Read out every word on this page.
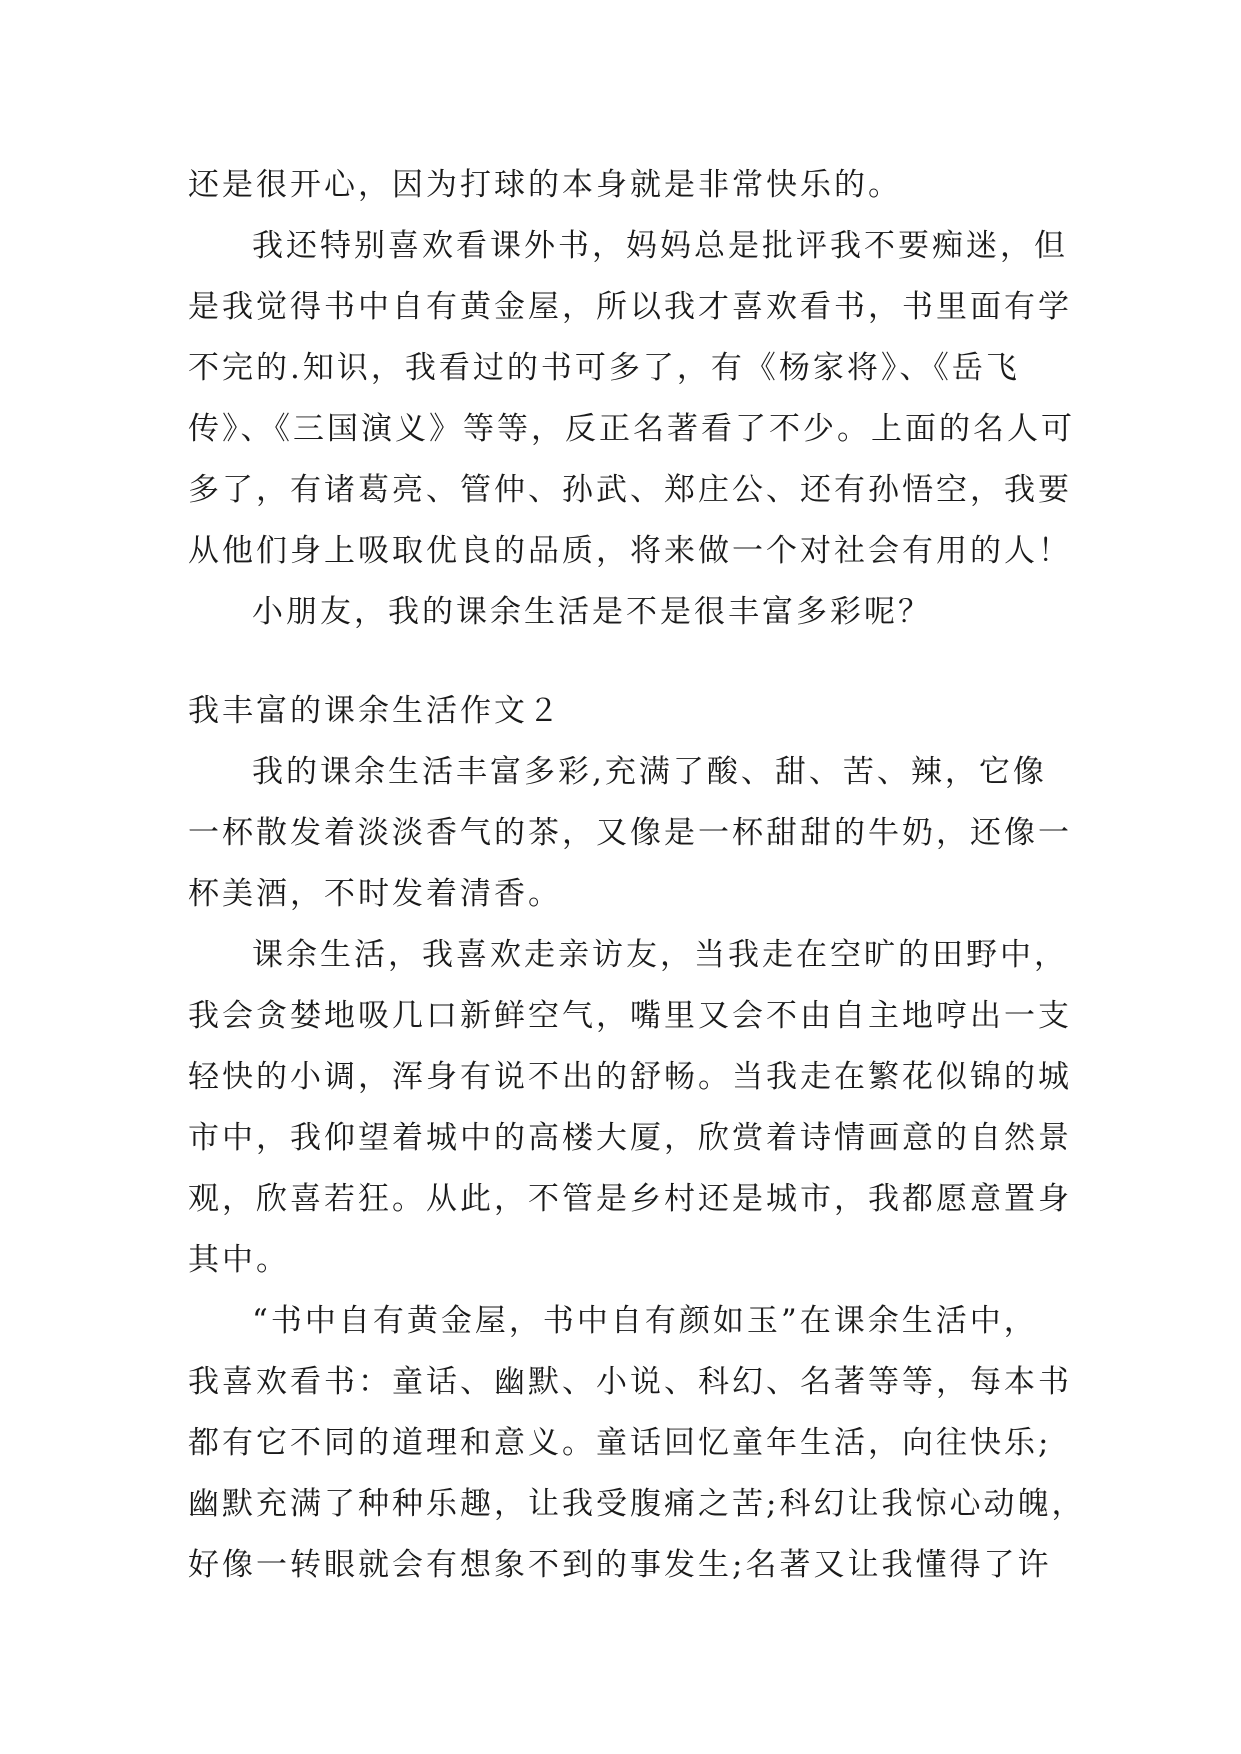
还是很开心，因为打球的本身就是非常快乐的。
我还特别喜欢看课外书，妈妈总是批评我不要痴迷，但
是我觉得书中自有黄金屋，所以我才喜欢看书，书里面有学
不完的.知识，我看过的书可多了，有《杨家将》、《岳飞
传》、《三国演义》等等，反正名著看了不少。上面的名人可
多了，有诸葛亮、管仲、孙武、郑庄公、还有孙悟空，我要
从他们身上吸取优良的品质，将来做一个对社会有用的人！
小朋友，我的课余生活是不是很丰富多彩呢？
我丰富的课余生活作文２
我的课余生活丰富多彩,充满了酸、甜、苦、辣，它像
一杯散发着淡淡香气的茶，又像是一杯甜甜的牛奶，还像一
杯美酒，不时发着清香。
课余生活，我喜欢走亲访友，当我走在空旷的田野中，
我会贪婪地吸几口新鲜空气，嘴里又会不由自主地哼出一支
轻快的小调，浑身有说不出的舒畅。当我走在繁花似锦的城
市中，我仰望着城中的高楼大厦，欣赏着诗情画意的自然景
观，欣喜若狂。从此，不管是乡村还是城市，我都愿意置身
其中。
“书中自有黄金屋，书中自有颜如玉”在课余生活中，
我喜欢看书：童话、幽默、小说、科幻、名著等等，每本书
都有它不同的道理和意义。童话回忆童年生活，向往快乐;
幽默充满了种种乐趣，让我受腹痛之苦;科幻让我惊心动魄，
好像一转眼就会有想象不到的事发生;名著又让我懂得了许
